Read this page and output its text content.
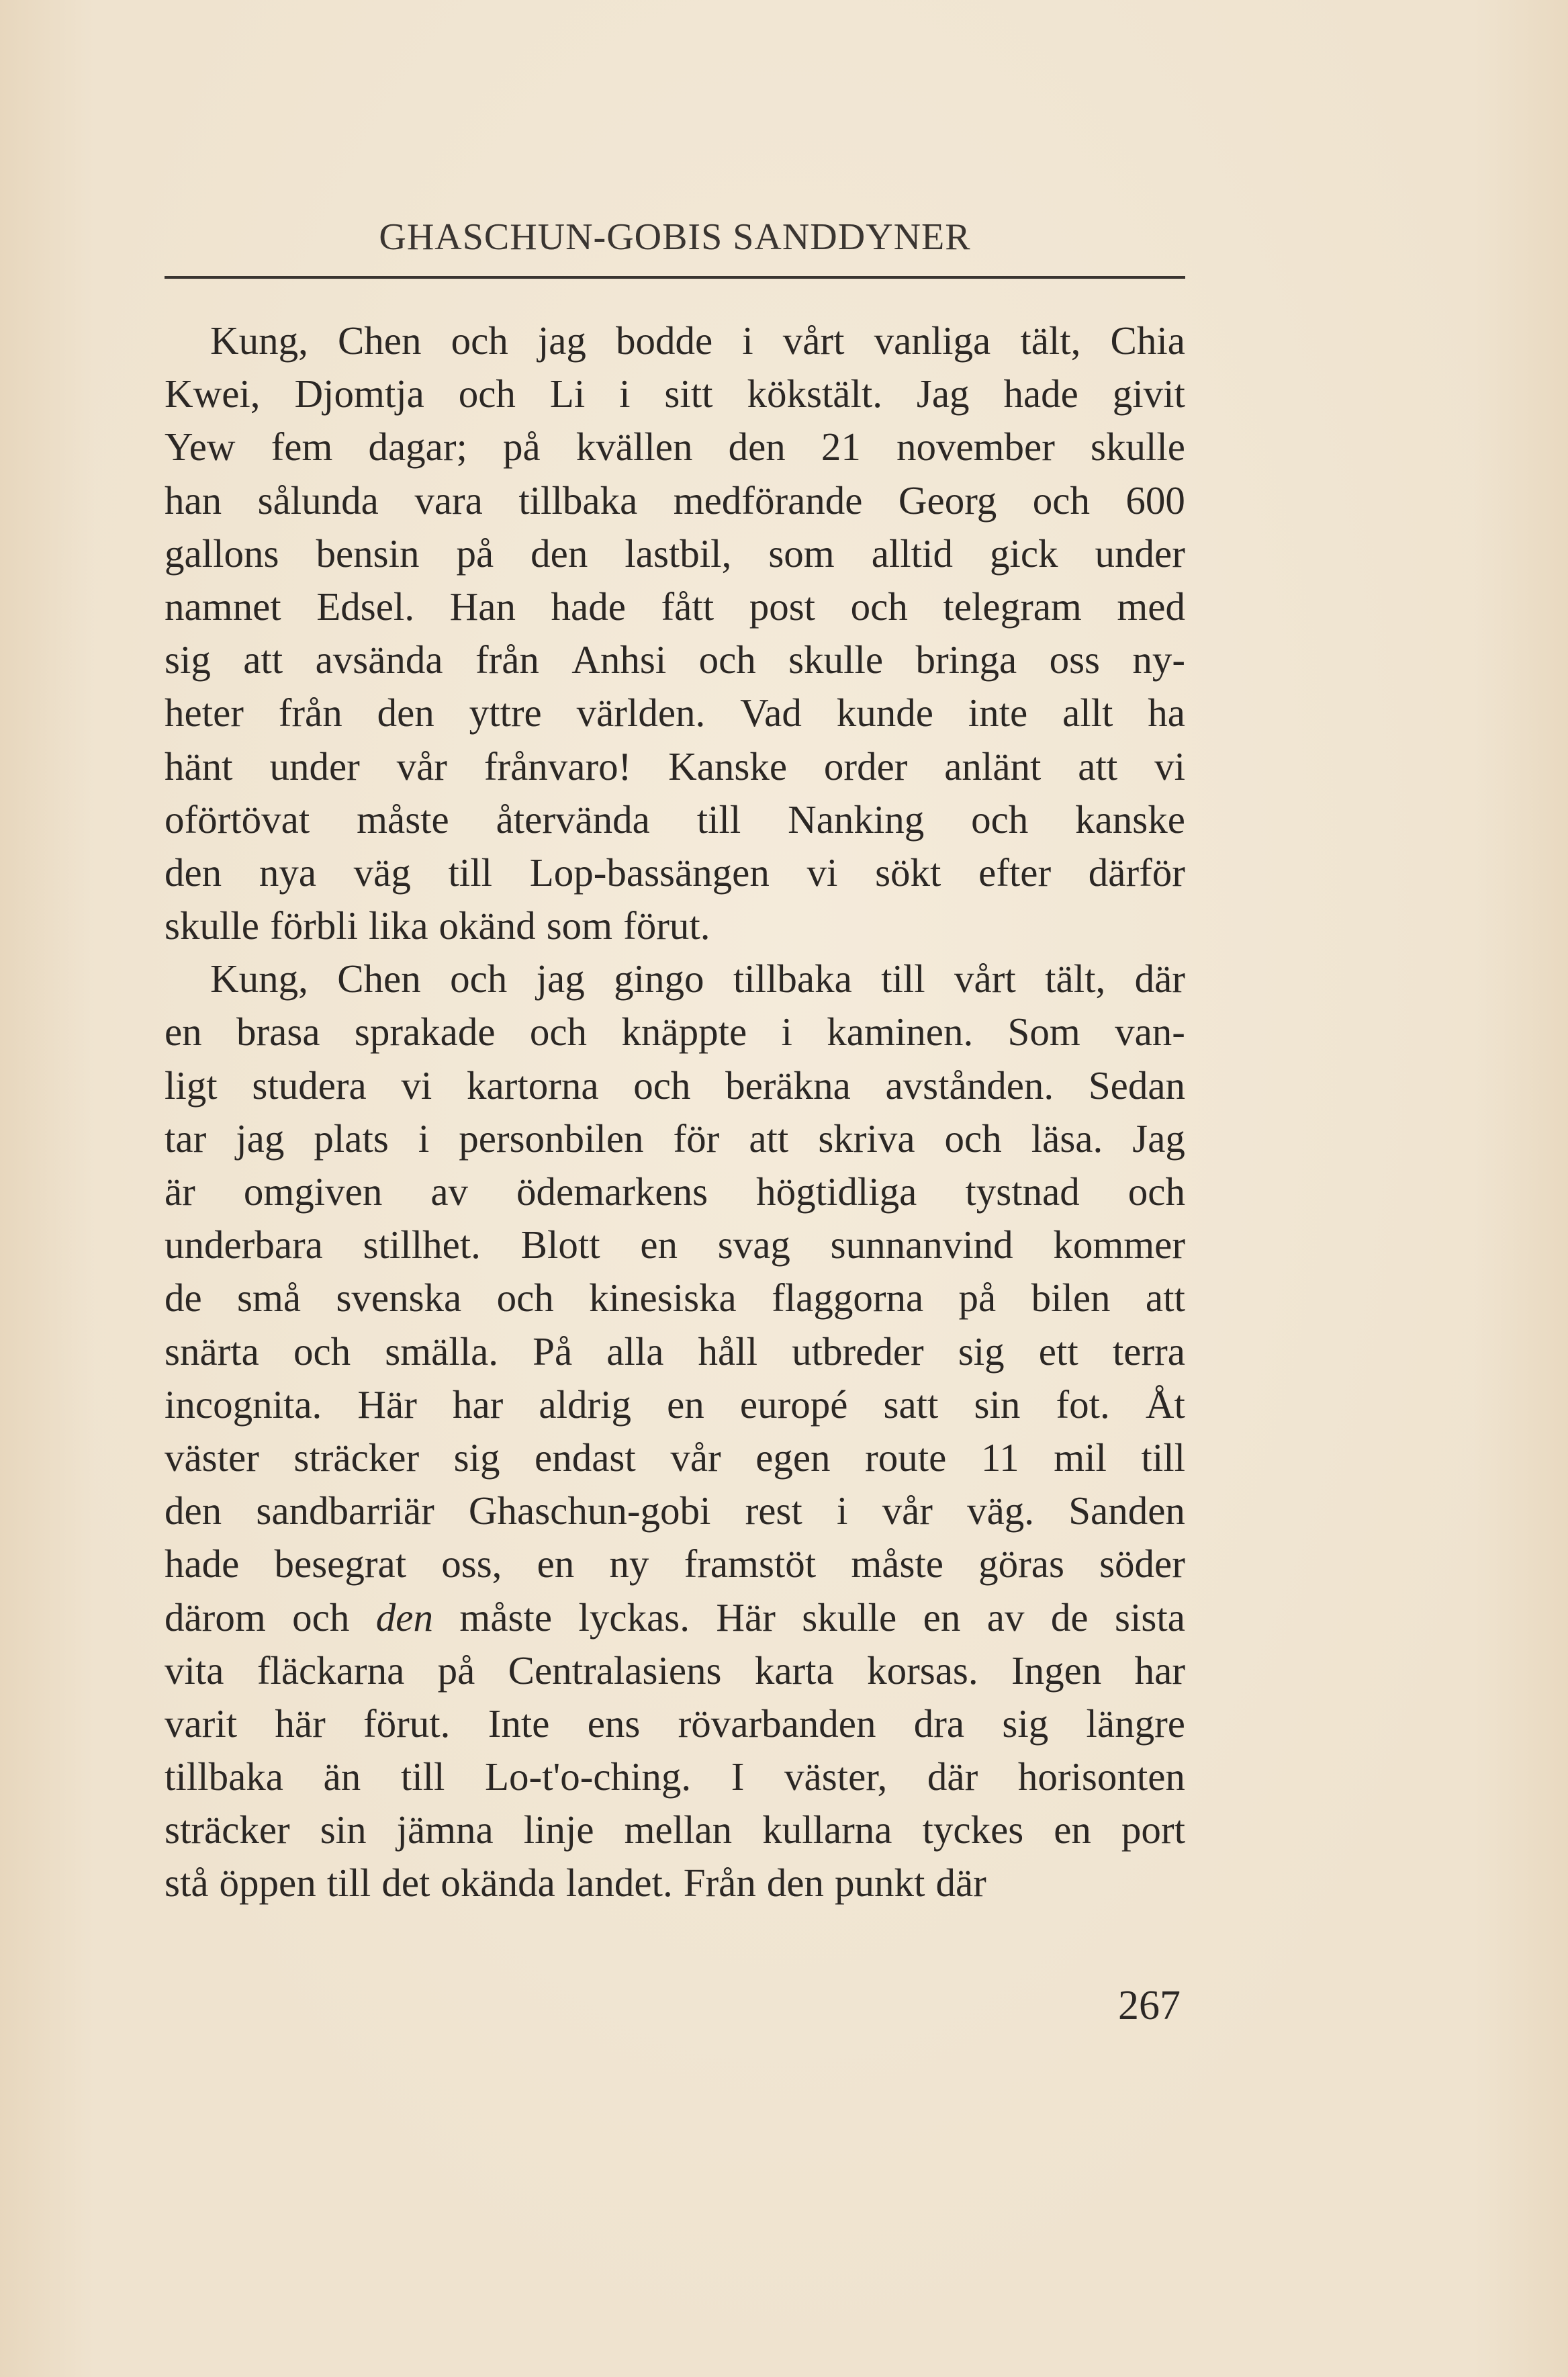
GHASCHUN-GOBIS SANDDYNER
Kung, Chen och jag bodde i vårt vanliga tält, Chia
Kwei, Djomtja och Li i sitt kökstält. Jag hade givit
Yew fem dagar; på kvällen den 21 november skulle
han sålunda vara tillbaka medförande Georg och 600
gallons bensin på den lastbil, som alltid gick under
namnet Edsel. Han hade fått post och telegram med
sig att avsända från Anhsi och skulle bringa oss ny-
heter från den yttre världen. Vad kunde inte allt ha
hänt under vår frånvaro! Kanske order anlänt att vi
oförtövat måste återvända till Nanking och kanske
den nya väg till Lop-bassängen vi sökt efter därför
skulle förbli lika okänd som förut.
Kung, Chen och jag gingo tillbaka till vårt tält, där
en brasa sprakade och knäppte i kaminen. Som van-
ligt studera vi kartorna och beräkna avstånden. Sedan
tar jag plats i personbilen för att skriva och läsa. Jag
är omgiven av ödemarkens högtidliga tystnad och
underbara stillhet. Blott en svag sunnanvind kommer
de små svenska och kinesiska flaggorna på bilen att
snärta och smälla. På alla håll utbreder sig ett terra
incognita. Här har aldrig en europé satt sin fot. Åt
väster sträcker sig endast vår egen route 11 mil till
den sandbarriär Ghaschun-gobi rest i vår väg. Sanden
hade besegrat oss, en ny framstöt måste göras söder
därom och den måste lyckas. Här skulle en av de sista
vita fläckarna på Centralasiens karta korsas. Ingen har
varit här förut. Inte ens rövarbanden dra sig längre
tillbaka än till Lo-t'o-ching. I väster, där horisonten
sträcker sin jämna linje mellan kullarna tyckes en port
stå öppen till det okända landet. Från den punkt där
267
